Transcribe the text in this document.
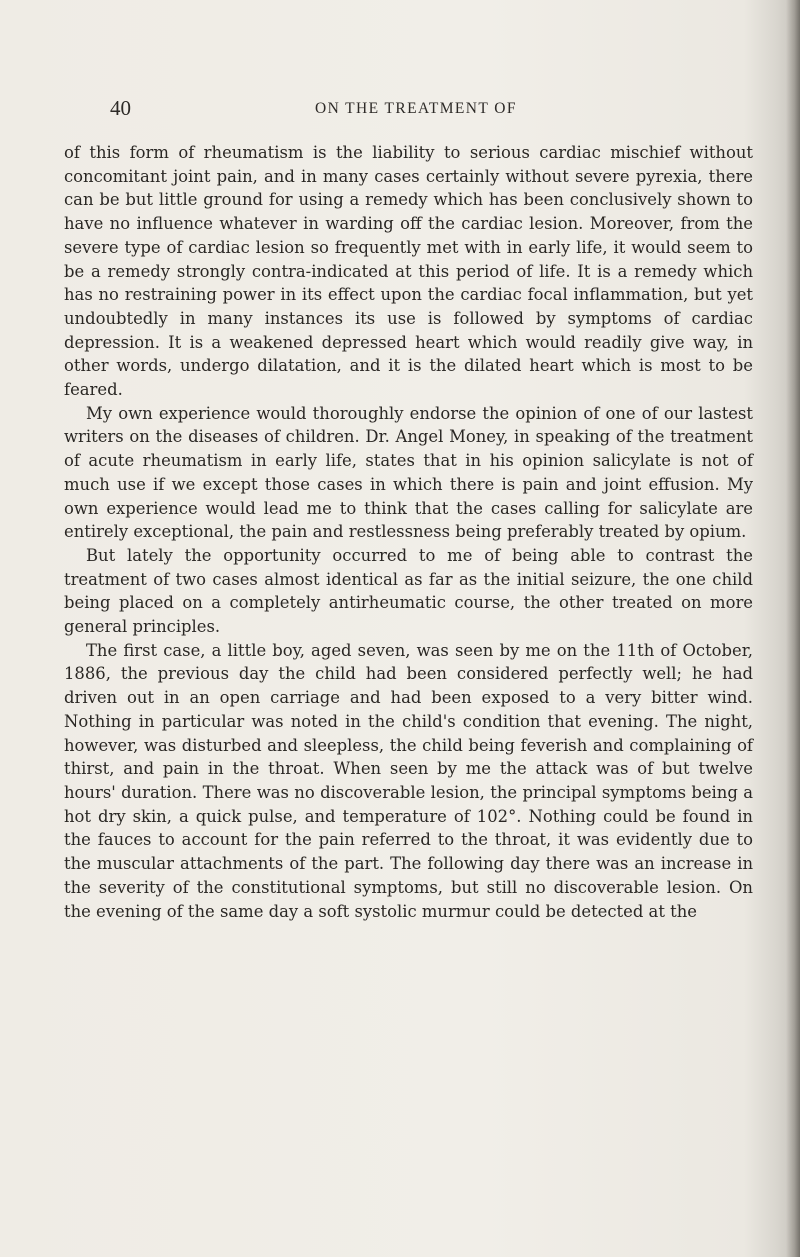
40	ON THE TREATMENT OF

of this form of rheumatism is the liability to serious cardiac mischief without concomitant joint pain, and in many cases certainly without severe pyrexia, there can be but little ground for using a remedy which has been conclusively shown to have no influence whatever in warding off the cardiac lesion. Moreover, from the severe type of cardiac lesion so frequently met with in early life, it would seem to be a remedy strongly contra-indicated at this period of life. It is a remedy which has no restraining power in its effect upon the cardiac focal inflammation, but yet undoubtedly in many instances its use is followed by symptoms of cardiac depression. It is a weakened depressed heart which would readily give way, in other words, undergo dilatation, and it is the dilated heart which is most to be feared.

My own experience would thoroughly endorse the opinion of one of our lastest writers on the diseases of children. Dr. Angel Money, in speaking of the treatment of acute rheumatism in early life, states that in his opinion salicylate is not of much use if we except those cases in which there is pain and joint effusion. My own experience would lead me to think that the cases calling for salicylate are entirely exceptional, the pain and restlessness being preferably treated by opium.

But lately the opportunity occurred to me of being able to contrast the treatment of two cases almost identical as far as the initial seizure, the one child being placed on a completely antirheumatic course, the other treated on more general principles.

The first case, a little boy, aged seven, was seen by me on the 11th of October, 1886, the previous day the child had been considered perfectly well; he had driven out in an open carriage and had been exposed to a very bitter wind. Nothing in particular was noted in the child's condition that evening. The night, however, was disturbed and sleepless, the child being feverish and complaining of thirst, and pain in the throat. When seen by me the attack was of but twelve hours' duration. There was no discoverable lesion, the principal symptoms being a hot dry skin, a quick pulse, and temperature of 102°. Nothing could be found in the fauces to account for the pain referred to the throat, it was evidently due to the muscular attachments of the part. The following day there was an increase in the severity of the constitutional symptoms, but still no discoverable lesion. On the evening of the same day a soft systolic murmur could be detected at the
